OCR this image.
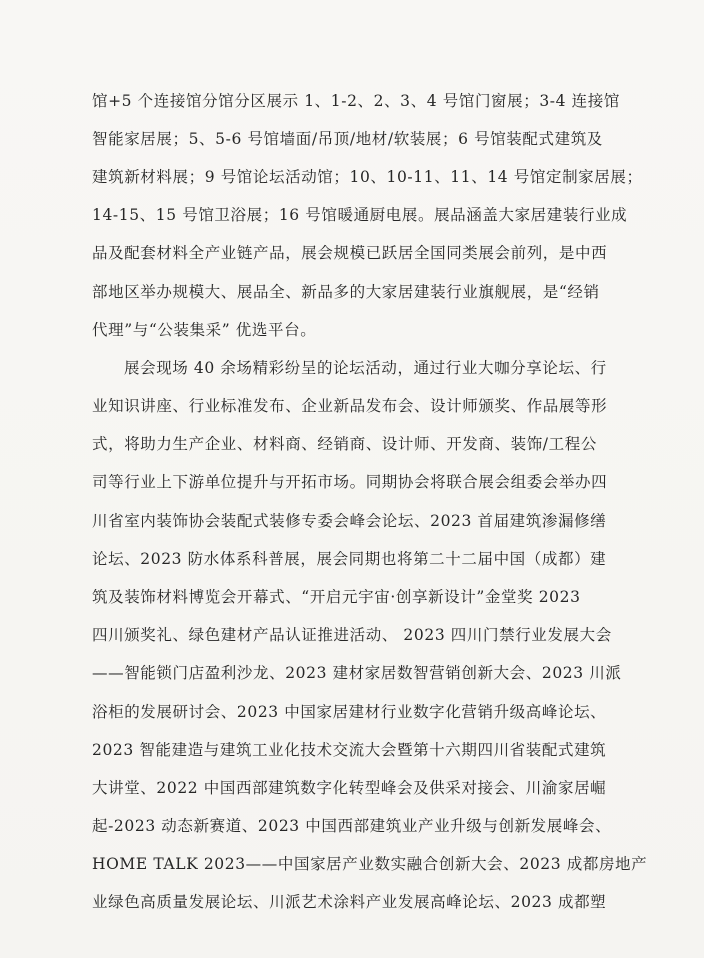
馆+5 个连接馆分馆分区展示 1、1-2、2、3、4 号馆门窗展；3-4 连接馆
智能家居展；5、5-6 号馆墙面/吊顶/地材/软装展；6 号馆装配式建筑及
建筑新材料展；9 号馆论坛活动馆；10、10-11、11、14 号馆定制家居展；
14-15、15 号馆卫浴展；16 号馆暖通厨电展。展品涵盖大家居建装行业成
品及配套材料全产业链产品，展会规模已跃居全国同类展会前列，是中西
部地区举办规模大、展品全、新品多的大家居建装行业旗舰展，是“经销
代理”与“公装集采” 优选平台。
展会现场 40 余场精彩纷呈的论坛活动，通过行业大咖分享论坛、行
业知识讲座、行业标准发布、企业新品发布会、设计师颁奖、作品展等形
式，将助力生产企业、材料商、经销商、设计师、开发商、装饰/工程公
司等行业上下游单位提升与开拓市场。同期协会将联合展会组委会举办四
川省室内装饰协会装配式装修专委会峰会论坛、2023 首届建筑渗漏修缮
论坛、2023 防水体系科普展，展会同期也将第二十二届中国（成都）建
筑及装饰材料博览会开幕式、“开启元宇宙·创享新设计”金堂奖 2023
四川颁奖礼、绿色建材产品认证推进活动、 2023 四川门禁行业发展大会
——智能锁门店盈利沙龙、2023 建材家居数智营销创新大会、2023 川派
浴柜的发展研讨会、2023 中国家居建材行业数字化营销升级高峰论坛、
2023 智能建造与建筑工业化技术交流大会暨第十六期四川省装配式建筑
大讲堂、2022 中国西部建筑数字化转型峰会及供采对接会、川渝家居崛
起-2023 动态新赛道、2023 中国西部建筑业产业升级与创新发展峰会、
HOME TALK 2023——中国家居产业数实融合创新大会、2023 成都房地产
业绿色高质量发展论坛、川派艺术涂料产业发展高峰论坛、2023 成都塑
